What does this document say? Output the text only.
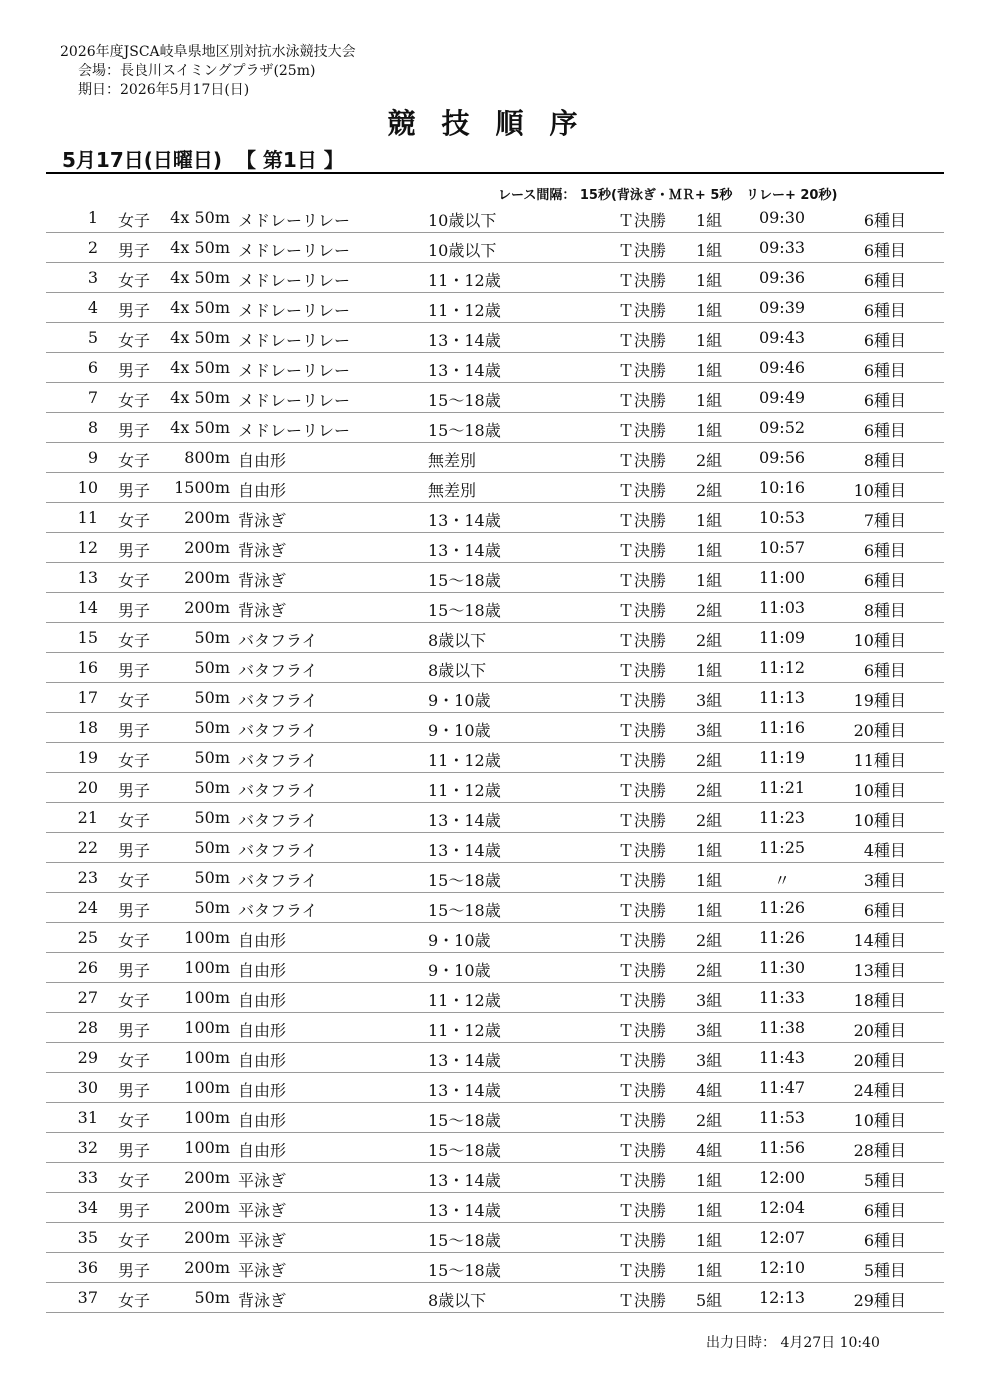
2026年度JSCA岐阜県地区別対抗水泳競技大会
会場：長良川スイミングプラザ(25m)
期日：2026年5月17日(日)
競技順序
5月17日(日曜日)  【 第1日 】
レース間隔： 15秒(背泳ぎ・ＭＲ+ 5秒   リレー+ 20秒)
1 女子	4x 50m メドレーリレー	10歳以下	Ｔ決勝 1組	09:30	6種目
2 男子	4x 50m メドレーリレー	10歳以下	Ｔ決勝 1組	09:33	6種目
3 女子	4x 50m メドレーリレー	11・12歳	Ｔ決勝 1組	09:36	6種目
4 男子	4x 50m メドレーリレー	11・12歳	Ｔ決勝 1組	09:39	6種目
5 女子	4x 50m メドレーリレー	13・14歳	Ｔ決勝 1組	09:43	6種目
6 男子	4x 50m メドレーリレー	13・14歳	Ｔ決勝 1組	09:46	6種目
7 女子	4x 50m メドレーリレー	15～18歳	Ｔ決勝 1組	09:49	6種目
8 男子	4x 50m メドレーリレー	15～18歳	Ｔ決勝 1組	09:52	6種目
9 女子	800m 自由形	無差別	Ｔ決勝 2組	09:56	8種目
10 男子	1500m 自由形	無差別	Ｔ決勝 2組	10:16	10種目
11 女子	200m 背泳ぎ	13・14歳	Ｔ決勝 1組	10:53	7種目
12 男子	200m 背泳ぎ	13・14歳	Ｔ決勝 1組	10:57	6種目
13 女子	200m 背泳ぎ	15～18歳	Ｔ決勝 1組	11:00	6種目
14 男子	200m 背泳ぎ	15～18歳	Ｔ決勝 2組	11:03	8種目
15 女子	50m バタフライ	8歳以下	Ｔ決勝 2組	11:09	10種目
16 男子	50m バタフライ	8歳以下	Ｔ決勝 1組	11:12	6種目
17 女子	50m バタフライ	9・10歳	Ｔ決勝 3組	11:13	19種目
18 男子	50m バタフライ	9・10歳	Ｔ決勝 3組	11:16	20種目
19 女子	50m バタフライ	11・12歳	Ｔ決勝 2組	11:19	11種目
20 男子	50m バタフライ	11・12歳	Ｔ決勝 2組	11:21	10種目
21 女子	50m バタフライ	13・14歳	Ｔ決勝 2組	11:23	10種目
22 男子	50m バタフライ	13・14歳	Ｔ決勝 1組	11:25	4種目
23 女子	50m バタフライ	15～18歳	Ｔ決勝 1組	〃	3種目
24 男子	50m バタフライ	15～18歳	Ｔ決勝 1組	11:26	6種目
25 女子	100m 自由形	9・10歳	Ｔ決勝 2組	11:26	14種目
26 男子	100m 自由形	9・10歳	Ｔ決勝 2組	11:30	13種目
27 女子	100m 自由形	11・12歳	Ｔ決勝 3組	11:33	18種目
28 男子	100m 自由形	11・12歳	Ｔ決勝 3組	11:38	20種目
29 女子	100m 自由形	13・14歳	Ｔ決勝 3組	11:43	20種目
30 男子	100m 自由形	13・14歳	Ｔ決勝 4組	11:47	24種目
31 女子	100m 自由形	15～18歳	Ｔ決勝 2組	11:53	10種目
32 男子	100m 自由形	15～18歳	Ｔ決勝 4組	11:56	28種目
33 女子	200m 平泳ぎ	13・14歳	Ｔ決勝 1組	12:00	5種目
34 男子	200m 平泳ぎ	13・14歳	Ｔ決勝 1組	12:04	6種目
35 女子	200m 平泳ぎ	15～18歳	Ｔ決勝 1組	12:07	6種目
36 男子	200m 平泳ぎ	15～18歳	Ｔ決勝 1組	12:10	5種目
37 女子	50m 背泳ぎ	8歳以下	Ｔ決勝 5組	12:13	29種目
出力日時： 4月27日 10:40
